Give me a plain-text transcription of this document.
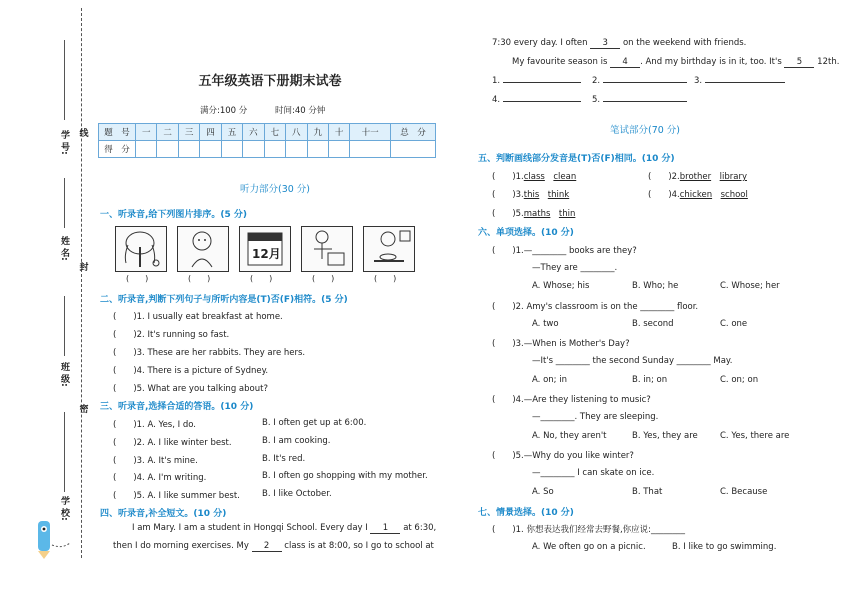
线
封
密
学 号:
姓 名:
班 级:
学 校:
五年级英语下册期末试卷
满分:100 分	时间:40 分钟
题　号	一	二	三	四	五	六	七	八	九	十	十一	总　分
得　分												
听力部分(30 分)
一、听录音,给下列图片排序。(5 分)
12月
(　　)	(　　)	(　　)	(　　)	(　　)
二、听录音,判断下列句子与所听内容是(T)否(F)相符。(5 分)
(　　)1. I usually eat breakfast at home.
(　　)2. It's running so fast.
(　　)3. These are her rabbits. They are hers.
(　　)4. There is a picture of Sydney.
(　　)5. What are you talking about?
三、听录音,选择合适的答语。(10 分)
(　　)1. A. Yes, I do.	B. I often get up at 6:00.
(　　)2. A. I like winter best.	B. I am cooking.
(　　)3. A. It's mine.	B. It's red.
(　　)4. A. I'm writing.	B. I often go shopping with my mother.
(　　)5. A. I like summer best.	B. I like October.
四、听录音,补全短文。(10 分)
I am Mary. I am a student in Hongqi School. Every day I 1 at 6:30,
then I do morning exercises. My 2 class is at 8:00, so I go to school at
7:30 every day. I often 3 on the weekend with friends.
My favourite season is 4 . And my birthday is in it, too. It's 5 12th.
1.	2.	3.
4.	5.
笔试部分(70 分)
五、判断画线部分发音是(T)否(F)相同。(10 分)
(　　)1.class　 clean	(　　)2.brother　 library
(　　)3.this　 think	(　　)4.chicken　 school
(　　)5.maths　 thin
六、单项选择。(10 分)
(　　)1.—________ books are they?
—They are ________.
A. Whose; his	B. Who; he	C. Whose; her
(　　)2. Amy's classroom is on the ________ floor.
A. two	B. second	C. one
(　　)3.—When is Mother's Day?
—It's ________ the second Sunday ________ May.
A. on; in	B. in; on	C. on; on
(　　)4.—Are they listening to music?
—________. They are sleeping.
A. No, they aren't	B. Yes, they are	C. Yes, there are
(　　)5.—Why do you like winter?
—________ I can skate on ice.
A. So	B. That	C. Because
七、情景选择。(10 分)
(　　)1. 你想表达我们经常去野餐,你应说:________
A. We often go on a picnic.	B. I like to go swimming.
